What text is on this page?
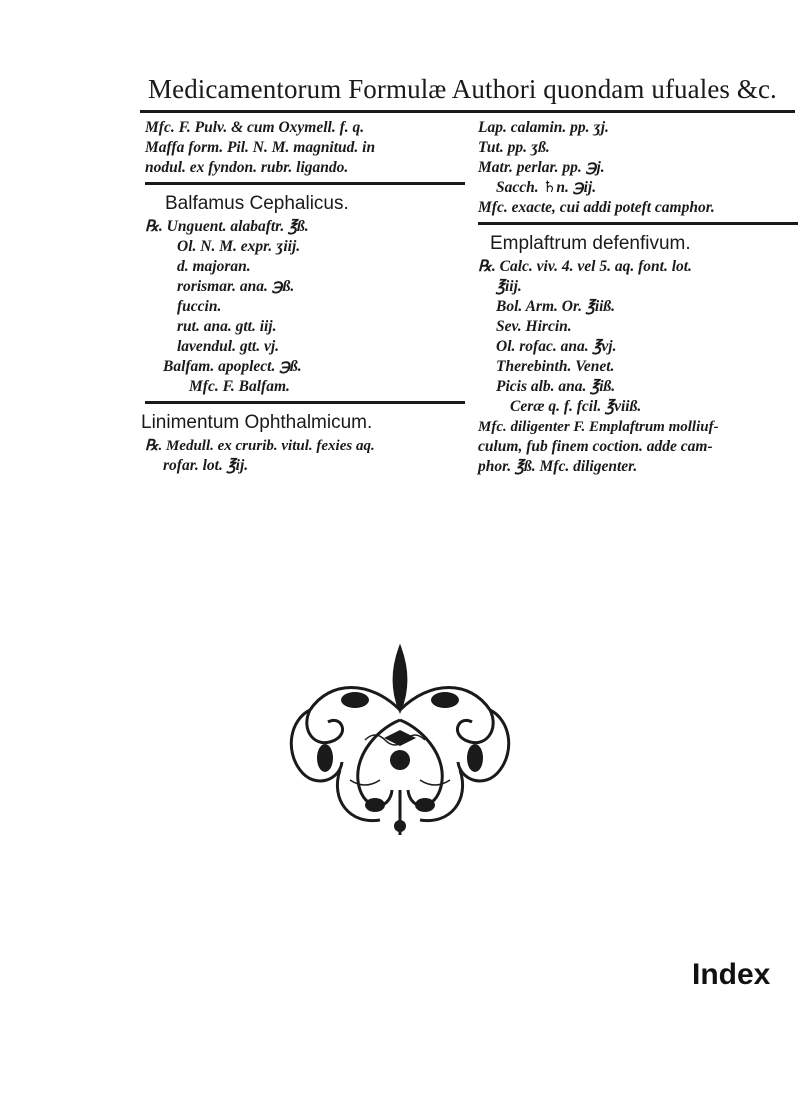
Medicamentorum Formulæ Authori quondam ufuales &c.
Mfc. F. Pulv. & cum Oxymell. f. q.
Maffa form. Pil. N. M. magnitud. in
nodul. ex fyndon. rubr. ligando.
Balfamus Cephalicus.
℞. Unguent. alabaftr. ℥ß.
Ol. N. M. expr. ʒiij.
d. majoran.
rorismar. ana. ℈ß.
fuccin.
rut. ana. gtt. iij.
lavendul. gtt. vj.
Balfam. apoplect. ℈ß.
Mfc. F. Balfam.
Linimentum Ophthalmicum.
℞. Medull. ex crurib. vitul. fexies aq.
rofar. lot. ℥ij.
Lap. calamin. pp. ʒj.
Tut. pp. ʒß.
Matr. perlar. pp. ℈j.
Sacch. ♄n. ℈ij.
Mfc. exacte, cui addi poteft camphor.
Emplaftrum defenfivum.
℞. Calc. viv. 4. vel 5. aq. font. lot.
℥iij.
Bol. Arm. Or. ℥iiß.
Sev. Hircin.
Ol. rofac. ana. ℥vj.
Therebinth. Venet.
Picis alb. ana. ℥iß.
Ceræ q. f. fcil. ℥viiß.
Mfc. diligenter F. Emplaftrum molliuf-
culum, fub finem coction. adde cam-
phor. ℥ß. Mfc. diligenter.
Index
